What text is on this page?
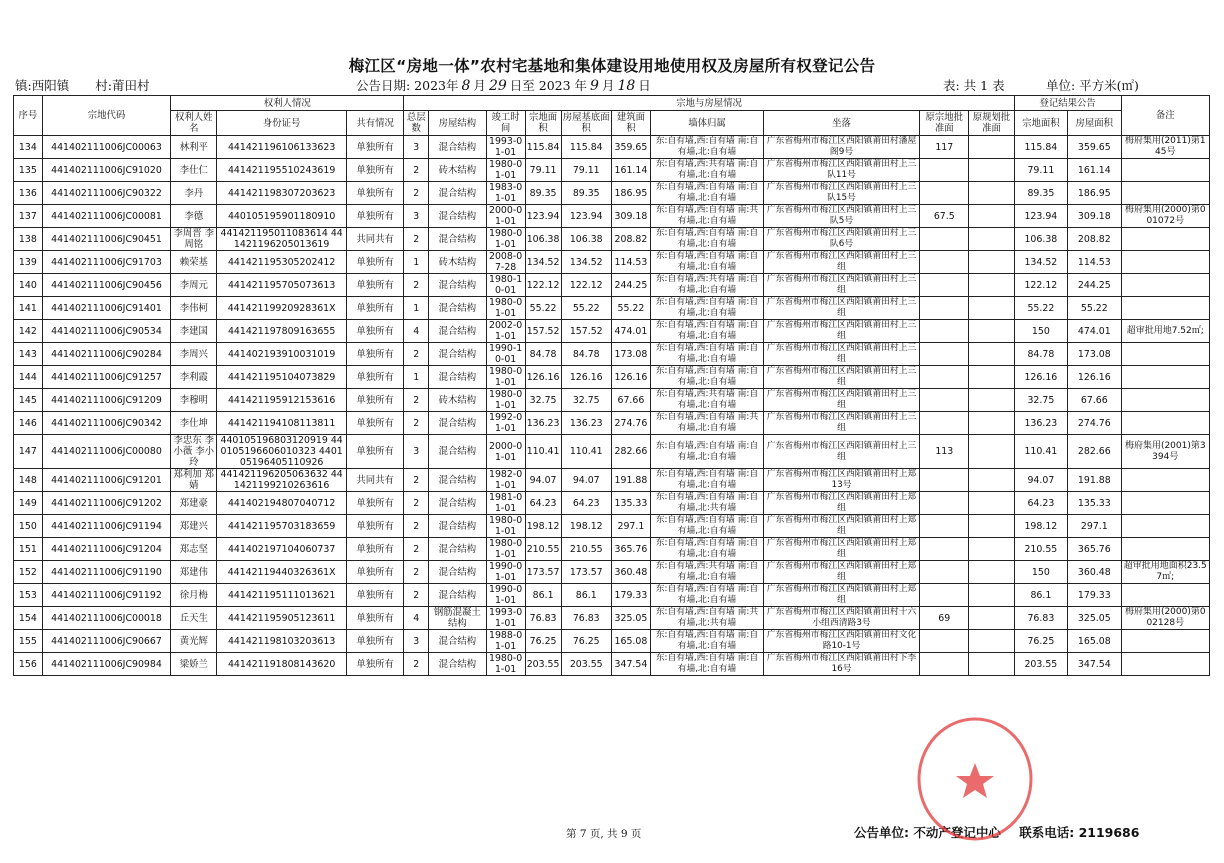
梅江区“房地一体”农村宅基地和集体建设用地使用权及房屋所有权登记公告
镇:西阳镇 村:莆田村	公告日期: 2023年 8 月 29 日至 2023 年 9 月 18 日	表: 共 1 表	单位: 平方米(㎡)
序号	宗地代码	权利人情况			宗地与房屋情况										登记结果公告		备注
		权利人姓名	身份证号	共有情况	总层数	房屋结构	竣工时间	宗地面积	房屋基底面积	建筑面积	墙体归属	坐落	原宗地批准面	原规划批准面	宗地面积	房屋面积	
134	441402111006JC00063	林利平	441421196106133623	单独所有	3	混合结构	1993-01-01	115.84	115.84	359.65	东:自有墙,西:自有墙 南:自有墙,北:自有墙	广东省梅州市梅江区西阳镇莆田村潘屋阁9号	117		115.84	359.65	梅府集用(2011)第145号
135	441402111006JC91020	李仕仁	441421195510243619	单独所有	2	砖木结构	1980-01-01	79.11	79.11	161.14	东:自有墙,西:共有墙 南:自有墙,北:自有墙	广东省梅州市梅江区西阳镇莆田村上三队11号			79.11	161.14	
136	441402111006JC90322	李丹	441421198307203623	单独所有	2	混合结构	1983-01-01	89.35	89.35	186.95	东:自有墙,西:自有墙 南:自有墙,北:自有墙	广东省梅州市梅江区西阳镇莆田村上三队15号			89.35	186.95	
137	441402111006JC00081	李德	440105195901180910	单独所有	3	混合结构	2000-01-01	123.94	123.94	309.18	东:自有墙,西:自有墙 南:共有墙,北:自有墙	广东省梅州市梅江区西阳镇莆田村上三队5号	67.5		123.94	309.18	梅府集用(2000)第001072号
138	441402111006JC90451	李周晋 李周铭	441421195011083614 441421196205013619	共同共有	2	混合结构	1980-01-01	106.38	106.38	208.82	东:自有墙,西:自有墙 南:自有墙,北:自有墙	广东省梅州市梅江区西阳镇莆田村上三队6号			106.38	208.82	
139	441402111006JC91703	赖荣基	441421195305202412	单独所有	1	砖木结构	2008-07-28	134.52	134.52	114.53	东:自有墙,西:自有墙 南:自有墙,北:自有墙	广东省梅州市梅江区西阳镇莆田村上三组			134.52	114.53	
140	441402111006JC90456	李周元	441421195705073613	单独所有	2	混合结构	1980-10-01	122.12	122.12	244.25	东:自有墙,西:共有墙 南:自有墙,北:自有墙	广东省梅州市梅江区西阳镇莆田村上三组			122.12	244.25	
141	441402111006JC91401	李伟柯	44142119920928361X	单独所有	1	混合结构	1980-01-01	55.22	55.22	55.22	东:自有墙,西:自有墙 南:自有墙,北:自有墙	广东省梅州市梅江区西阳镇莆田村上三组			55.22	55.22	
142	441402111006JC90534	李建国	441421197809163655	单独所有	4	混合结构	2002-01-01	157.52	157.52	474.01	东:自有墙,西:自有墙 南:自有墙,北:自有墙	广东省梅州市梅江区西阳镇莆田村上三组			150	474.01	超审批用地7.52㎡;
143	441402111006JC90284	李周兴	441402193910031019	单独所有	2	混合结构	1990-10-01	84.78	84.78	173.08	东:自有墙,西:自有墙 南:自有墙,北:自有墙	广东省梅州市梅江区西阳镇莆田村上三组			84.78	173.08	
144	441402111006JC91257	李利霞	441421195104073829	单独所有	1	混合结构	1980-01-01	126.16	126.16	126.16	东:自有墙,西:自有墙 南:自有墙,北:自有墙	广东省梅州市梅江区西阳镇莆田村上三组			126.16	126.16	
145	441402111006JC91209	李穆明	441421195912153616	单独所有	2	砖木结构	1980-01-01	32.75	32.75	67.66	东:自有墙,西:共有墙 南:自有墙,北:自有墙	广东省梅州市梅江区西阳镇莆田村上三组			32.75	67.66	
146	441402111006JC90342	李仕坤	441421194108113811	单独所有	2	混合结构	1992-01-01	136.23	136.23	274.76	东:自有墙,西:自有墙 南:共有墙,北:自有墙	广东省梅州市梅江区西阳镇莆田村上三组			136.23	274.76	
147	441402111006JC00080	李忠东 李小薇 李小玲	440105196803120919 440105196606010323 440105196405110926	单独所有	3	混合结构	2000-01-01	110.41	110.41	282.66	东:自有墙,西:自有墙 南:自有墙,北:自有墙	广东省梅州市梅江区西阳镇莆田村上三组	113		110.41	282.66	梅府集用(2001)第3394号
148	441402111006JC91201	郑利加 郑婧	441421196205063632 441421199210263616	共同共有	2	混合结构	1982-01-01	94.07	94.07	191.88	东:自有墙,西:自有墙 南:自有墙,北:自有墙	广东省梅州市梅江区西阳镇莆田村上郑13号			94.07	191.88	
149	441402111006JC91202	郑建豪	441402194807040712	单独所有	2	混合结构	1981-01-01	64.23	64.23	135.33	东:自有墙,西:自有墙 南:自有墙,北:共有墙	广东省梅州市梅江区西阳镇莆田村上郑组			64.23	135.33	
150	441402111006JC91194	郑建兴	441421195703183659	单独所有	2	混合结构	1980-01-01	198.12	198.12	297.1	东:自有墙,西:自有墙 南:自有墙,北:自有墙	广东省梅州市梅江区西阳镇莆田村上郑组			198.12	297.1	
151	441402111006JC91204	郑志坚	441402197104060737	单独所有	2	混合结构	1980-01-01	210.55	210.55	365.76	东:自有墙,西:自有墙 南:自有墙,北:自有墙	广东省梅州市梅江区西阳镇莆田村上郑组			210.55	365.76	
152	441402111006JC91190	郑建伟	44142119440326361X	单独所有	2	混合结构	1990-01-01	173.57	173.57	360.48	东:自有墙,西:共有墙 南:自有墙,北:自有墙	广东省梅州市梅江区西阳镇莆田村上郑组			150	360.48	超审批用地面积23.57㎡;
153	441402111006JC91192	徐月梅	441421195111013621	单独所有	2	混合结构	1990-01-01	86.1	86.1	179.33	东:自有墙,西:自有墙 南:自有墙,北:自有墙	广东省梅州市梅江区西阳镇莆田村上郑组			86.1	179.33	
154	441402111006JC00018	丘天生	441421195905123611	单独所有	4	钢筋混凝土结构	1993-01-01	76.83	76.83	325.05	东:自有墙,西:自有墙 南:共有墙,北:共有墙	广东省梅州市梅江区西阳镇莆田村十六小组西清路3号	69		76.83	325.05	梅府集用(2000)第002128号
155	441402111006JC90667	黄光辉	441421198103203613	单独所有	3	混合结构	1988-01-01	76.25	76.25	165.08	东:自有墙,西:自有墙 南:自有墙,北:自有墙	广东省梅州市梅江区西阳镇莆田村文化路10-1号			76.25	165.08	
156	441402111006JC90984	梁娇兰	441421191808143620	单独所有	2	混合结构	1980-01-01	203.55	203.55	347.54	东:自有墙,西:自有墙 南:自有墙,北:自有墙	广东省梅州市梅江区西阳镇莆田村下李16号			203.55	347.54	
第 7 页, 共 9 页	公告单位: 不动产登记中心 联系电话: 2119686
